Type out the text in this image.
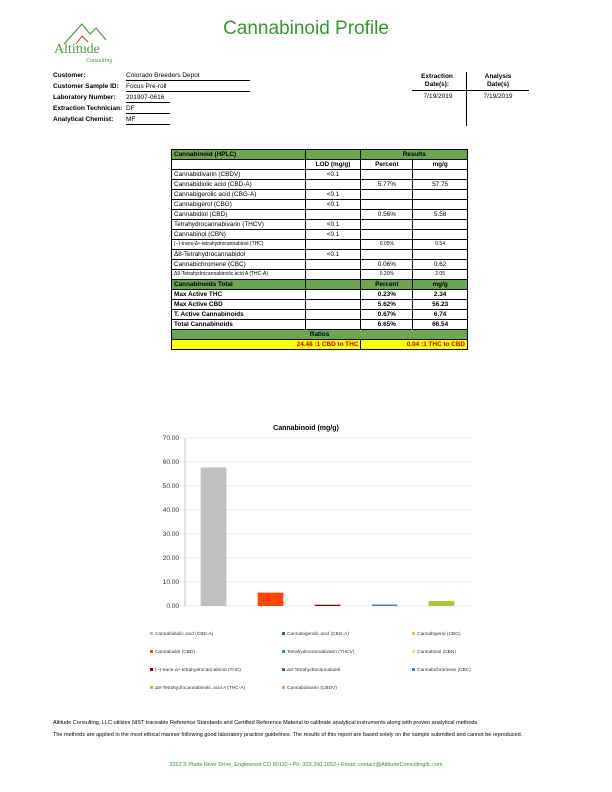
Altitude
Consulting
Cannabinoid Profile
Customer:	Colorado Breeders Depot
Customer Sample ID: Focus Pre-roll
Laboratory Number: 201907-0616
Extraction Technician: DF
Analytical Chemist: MF
Extraction
Date(s):
Analysis
Date(s)
7/19/2019	7/19/2019
Cannabinoid (HPLC)		Results	
	LOD (mg/g)	Percent	mg/g
Cannabidivarin (CBDV)	<0.1		
Cannabidiolic acid (CBD-A)		5.77%	57.75
Cannabigerolic acid (CBG-A)	<0.1		
Cannabigerol (CBG)	<0.1		
Cannabidiol (CBD)		0.56%	5.58
Tetrahydrocannabivarin (THCV)	<0.1		
Cannabinol (CBN)	<0.1		
(−)-trans-Δ⁹-tetrahydrocannabinol (THC)		0.05%	0.54
Δ8-Tetrahydrocannabidol	<0.1		
Cannabichromene (CBC)		0.06%	0.62
Δ9-Tetrahydrocannabinolic acid A (THC-A)		0.20%	2.05
Cannabinoids Total		Percent	mg/g
Max Active THC		0.23%	2.34
Max Active CBD		5.62%	56.23
T. Active Cannabinoids		0.67%	6.74
Total Cannabinoids		6.65%	66.54
Ratios			
24.48 :1 CBD to THC		0.04 :1 THC to CBD	
Cannabinoid (mg/g)
0.00
10.00
20.00
30.00
40.00
50.00
60.00
70.00
Cannabidiolic acid (CBD-A)	Cannabigerolic acid (CBG-A)	Cannabigerol (CBG)
Cannabidiol (CBD)	Tetrahydrocannabivarin (THCV)	Cannabinol (CBN)
(−)-trans-Δ⁹-tetrahydrocannabinol (THC)	Δ8-Tetrahydrocannabidol	Cannabichromene (CBC)
Δ8-Tetrahydrocannabinolic acid A (THC-A)	Cannabidivarin (CBDV)
Altitude Consulting, LLC utilizes NIST traceable Reference Standards and Certified Reference Material to calibrate analytical instruments along with proven analytical methods.
The methods are applied in the most ethical manner following good laboratory practice guidelines. The results of this report are based solely on the sample submitted and cannot be reproduced.
3262 S Platte River Drive, Englewood CO 80110 • Ph: 303.390.1652 • Email: contact@AltitudeConsultingllc.com
